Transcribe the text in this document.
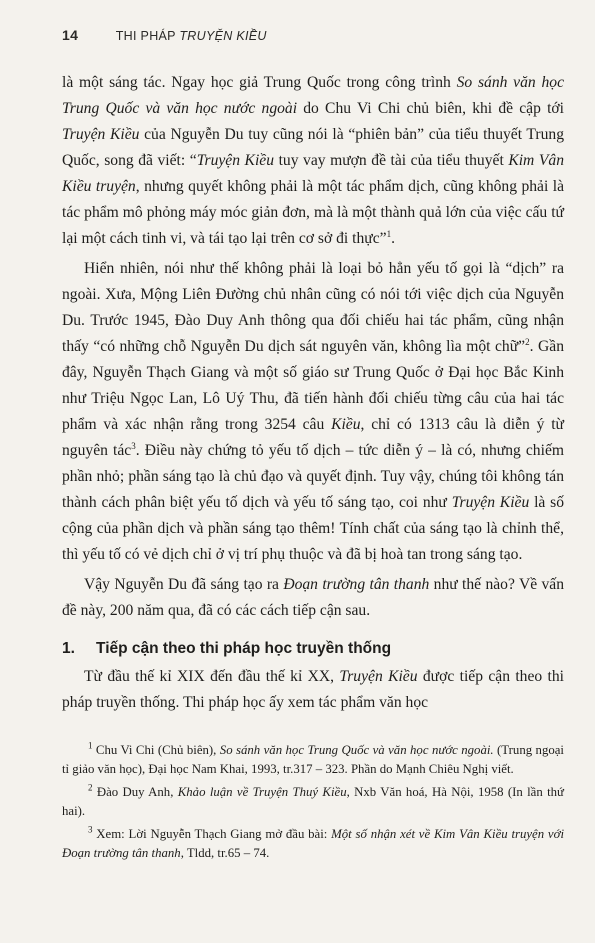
14	THI PHÁP TRUYỆN KIỀU

là một sáng tác. Ngay học giả Trung Quốc trong công trình So sánh văn học Trung Quốc và văn học nước ngoài do Chu Vi Chi chủ biên, khi đề cập tới Truyện Kiều của Nguyễn Du tuy cũng nói là “phiên bản” của tiểu thuyết Trung Quốc, song đã viết: “Truyện Kiều tuy vay mượn đề tài của tiểu thuyết Kim Vân Kiều truyện, nhưng quyết không phải là một tác phẩm dịch, cũng không phải là tác phẩm mô phỏng máy móc giản đơn, mà là một thành quả lớn của việc cấu tứ lại một cách tinh vi, và tái tạo lại trên cơ sở đi thực”$^1$.

Hiển nhiên, nói như thế không phải là loại bỏ hẳn yếu tố gọi là “dịch” ra ngoài. Xưa, Mộng Liên Đường chủ nhân cũng có nói tới việc dịch của Nguyễn Du. Trước 1945, Đào Duy Anh thông qua đối chiếu hai tác phẩm, cũng nhận thấy “có những chỗ Nguyễn Du dịch sát nguyên văn, không lìa một chữ”$^2$. Gần đây, Nguyễn Thạch Giang và một số giáo sư Trung Quốc ở Đại học Bắc Kinh như Triệu Ngọc Lan, Lô Uý Thu, đã tiến hành đối chiếu từng câu của hai tác phẩm và xác nhận rằng trong 3254 câu Kiều, chỉ có 1313 câu là diễn ý từ nguyên tác$^3$. Điều này chứng tỏ yếu tố dịch – tức diễn ý – là có, nhưng chiếm phần nhỏ; phần sáng tạo là chủ đạo và quyết định. Tuy vậy, chúng tôi không tán thành cách phân biệt yếu tố dịch và yếu tố sáng tạo, coi như Truyện Kiều là số cộng của phần dịch và phần sáng tạo thêm! Tính chất của sáng tạo là chỉnh thể, thì yếu tố có vẻ dịch chỉ ở vị trí phụ thuộc và đã bị hoà tan trong sáng tạo.

Vậy Nguyễn Du đã sáng tạo ra Đoạn trường tân thanh như thế nào? Về vấn đề này, 200 năm qua, đã có các cách tiếp cận sau.

1. Tiếp cận theo thi pháp học truyền thống

Từ đầu thế kỉ XIX đến đầu thế kỉ XX, Truyện Kiều được tiếp cận theo thi pháp truyền thống. Thi pháp học ấy xem tác phẩm văn học

$^1$ Chu Vi Chi (Chủ biên), So sánh văn học Trung Quốc và văn học nước ngoài. (Trung ngoại tỉ giảo văn học), Đại học Nam Khai, 1993, tr.317 – 323. Phần do Mạnh Chiêu Nghị viết.

$^2$ Đào Duy Anh, Khảo luận về Truyện Thuý Kiều, Nxb Văn hoá, Hà Nội, 1958 (In lần thứ hai).

$^3$ Xem: Lời Nguyễn Thạch Giang mở đầu bài: Một số nhận xét về Kim Vân Kiều truyện với Đoạn trường tân thanh, Tldd, tr.65 – 74.
